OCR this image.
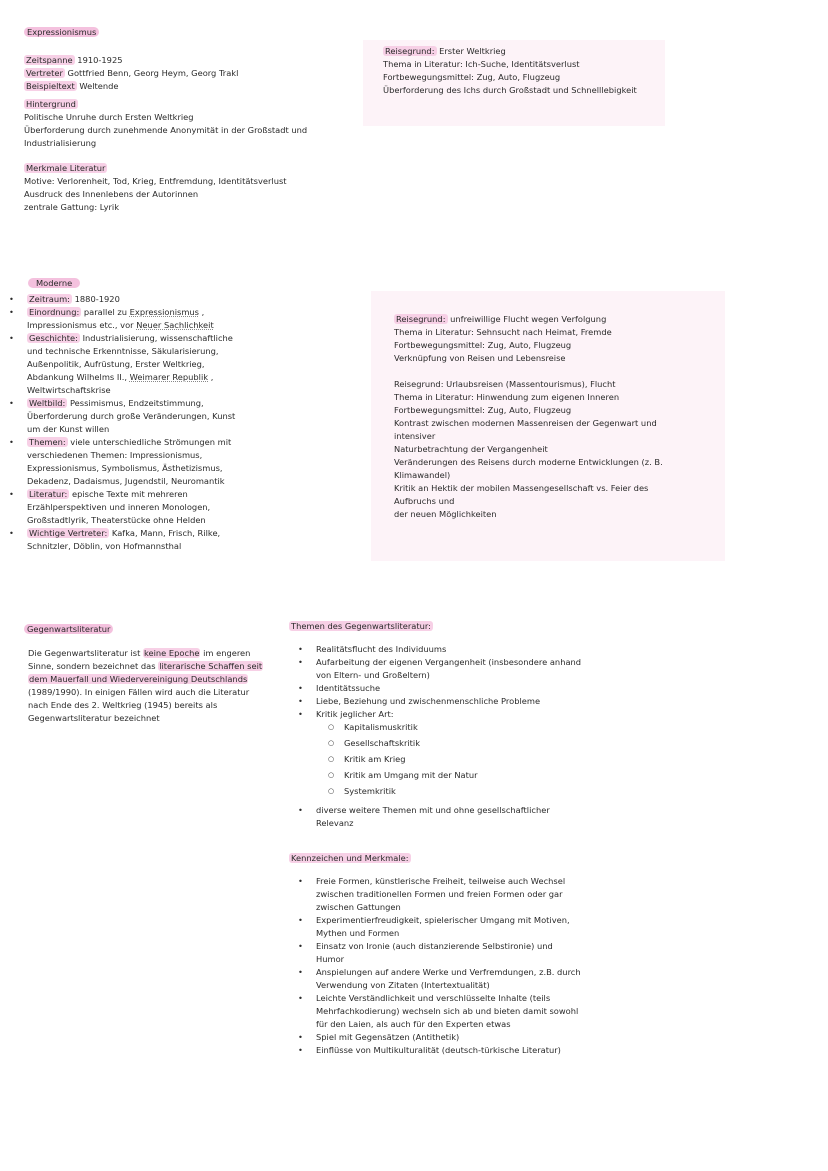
Expressionismus
Zeitspanne 1910-1925
Vertreter Gottfried Benn, Georg Heym, Georg Trakl
Beispieltext Weltende
Hintergrund
Politische Unruhe durch Ersten Weltkrieg
Überforderung durch zunehmende Anonymität in der Großstadt und
Industrialisierung
Merkmale Literatur
Motive: Verlorenheit, Tod, Krieg, Entfremdung, Identitätsverlust
Ausdruck des Innenlebens der Autorinnen
zentrale Gattung: Lyrik
Reisegrund: Erster Weltkrieg
Thema in Literatur: Ich-Suche, Identitätsverlust
Fortbewegungsmittel: Zug, Auto, Flugzeug
Überforderung des Ichs durch Großstadt und Schnelllebigkeit
Moderne
• Zeitraum: 1880-1920
• Einordnung: parallel zu Expressionismus ,
Impressionismus etc., vor Neuer Sachlichkeit
• Geschichte: Industrialisierung, wissenschaftliche
und technische Erkenntnisse, Säkularisierung,
Außenpolitik, Aufrüstung, Erster Weltkrieg,
Abdankung Wilhelms II., Weimarer Republik ,
Weltwirtschaftskrise
• Weltbild: Pessimismus, Endzeitstimmung,
Überforderung durch große Veränderungen, Kunst
um der Kunst willen
• Themen: viele unterschiedliche Strömungen mit
verschiedenen Themen: Impressionismus,
Expressionismus, Symbolismus, Ästhetizismus,
Dekadenz, Dadaismus, Jugendstil, Neuromantik
• Literatur: epische Texte mit mehreren
Erzählperspektiven und inneren Monologen,
Großstadtlyrik, Theaterstücke ohne Helden
• Wichtige Vertreter: Kafka, Mann, Frisch, Rilke,
Schnitzler, Döblin, von Hofmannsthal
Reisegrund: unfreiwillige Flucht wegen Verfolgung
Thema in Literatur: Sehnsucht nach Heimat, Fremde
Fortbewegungsmittel: Zug, Auto, Flugzeug
Verknüpfung von Reisen und Lebensreise
Reisegrund: Urlaubsreisen (Massentourismus), Flucht
Thema in Literatur: Hinwendung zum eigenen Inneren
Fortbewegungsmittel: Zug, Auto, Flugzeug
Kontrast zwischen modernen Massenreisen der Gegenwart und
intensiver
Naturbetrachtung der Vergangenheit
Veränderungen des Reisens durch moderne Entwicklungen (z. B.
Klimawandel)
Kritik an Hektik der mobilen Massengesellschaft vs. Feier des
Aufbruchs und
der neuen Möglichkeiten
Gegenwartsliteratur
Die Gegenwartsliteratur ist keine Epoche im engeren
Sinne, sondern bezeichnet das literarische Schaffen seit
dem Mauerfall und Wiedervereinigung Deutschlands
(1989/1990). In einigen Fällen wird auch die Literatur
nach Ende des 2. Weltkrieg (1945) bereits als
Gegenwartsliteratur bezeichnet
Themen des Gegenwartsliteratur:
• Realitätsflucht des Individuums
• Aufarbeitung der eigenen Vergangenheit (insbesondere anhand
von Eltern- und Großeltern)
• Identitätssuche
• Liebe, Beziehung und zwischenmenschliche Probleme
• Kritik jeglicher Art:
○ Kapitalismuskritik
○ Gesellschaftskritik
○ Kritik am Krieg
○ Kritik am Umgang mit der Natur
○ Systemkritik
• diverse weitere Themen mit und ohne gesellschaftlicher
Relevanz
Kennzeichen und Merkmale:
• Freie Formen, künstlerische Freiheit, teilweise auch Wechsel
zwischen traditionellen Formen und freien Formen oder gar
zwischen Gattungen
• Experimentierfreudigkeit, spielerischer Umgang mit Motiven,
Mythen und Formen
• Einsatz von Ironie (auch distanzierende Selbstironie) und
Humor
• Anspielungen auf andere Werke und Verfremdungen, z.B. durch
Verwendung von Zitaten (Intertextualität)
• Leichte Verständlichkeit und verschlüsselte Inhalte (teils
Mehrfachkodierung) wechseln sich ab und bieten damit sowohl
für den Laien, als auch für den Experten etwas
• Spiel mit Gegensätzen (Antithetik)
• Einflüsse von Multikulturalität (deutsch-türkische Literatur)
